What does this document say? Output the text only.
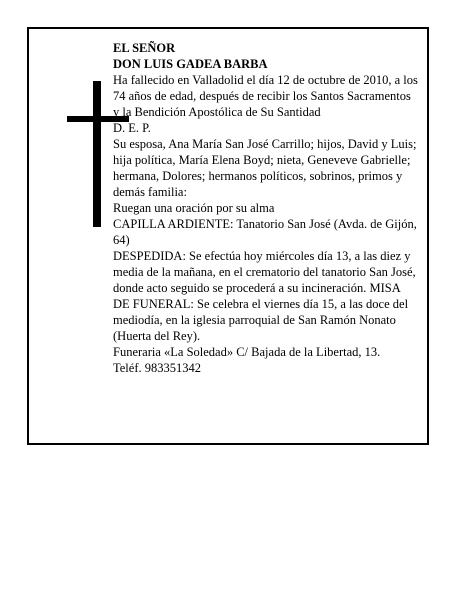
EL SEÑOR

DON LUIS GADEA BARBA

Ha fallecido en Valladolid el día 12 de octubre de 2010, a los 74 años de edad, después de recibir los Santos Sacramentos y la Bendición Apostólica de Su Santidad

D. E. P.

Su esposa, Ana María San José Carrillo; hijos, David y Luis; hija política, María Elena Boyd; nieta, Geneveve Gabrielle; hermana, Dolores; hermanos políticos, sobrinos, primos y demás familia:

Ruegan una oración por su alma

CAPILLA ARDIENTE: Tanatorio San José (Avda. de Gijón, 64)

DESPEDIDA: Se efectúa hoy miércoles día 13, a las diez y media de la mañana, en el crematorio del tanatorio San José, donde acto seguido se procederá a su incineración. MISA DE FUNERAL: Se celebra el viernes día 15, a las doce del mediodía, en la iglesia parroquial de San Ramón Nonato (Huerta del Rey).

Funeraria «La Soledad» C/ Bajada de la Libertad, 13.

Teléf. 983351342
